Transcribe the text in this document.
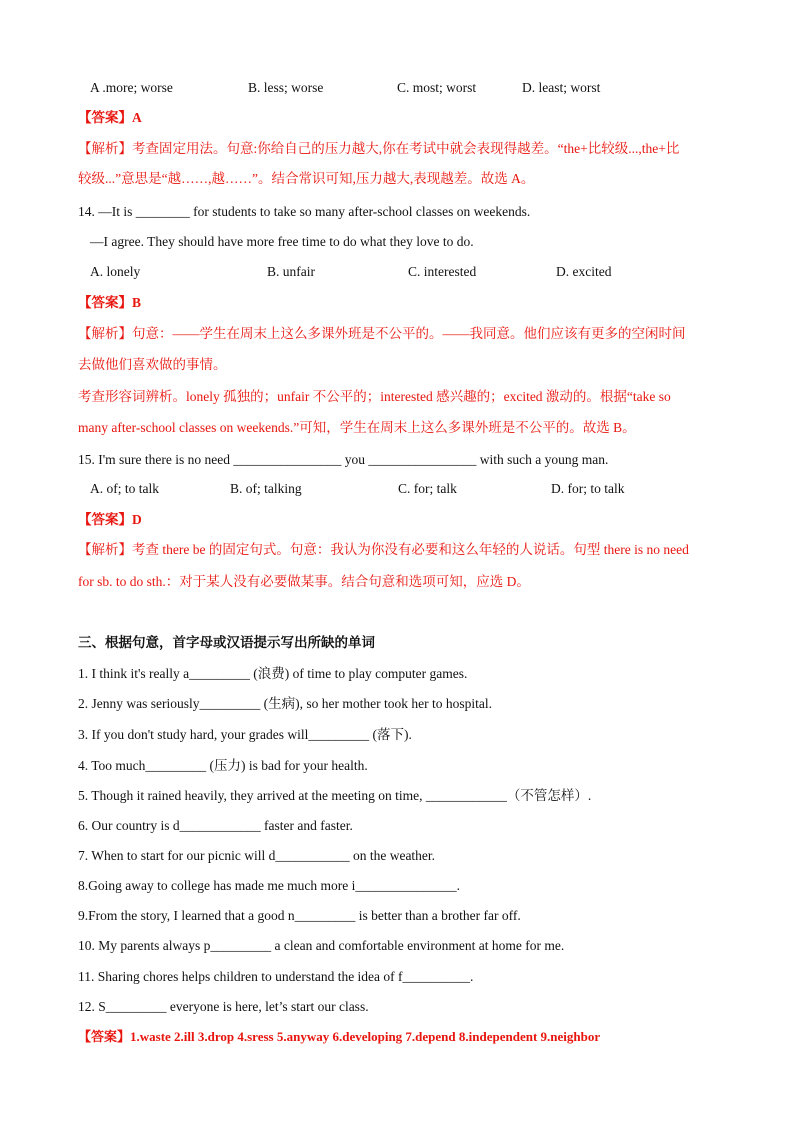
A .more; worse	B. less; worse	C. most; worst	D. least; worst
【答案】A
【解析】考查固定用法。句意:你给自己的压力越大,你在考试中就会表现得越差。“the+比较级...,the+比
较级...”意思是“越……,越……”。结合常识可知,压力越大,表现越差。故选 A。
14. —It is ________ for students to take so many after-school classes on weekends.
—I agree. They should have more free time to do what they love to do.
A. lonely	B. unfair	C. interested	D. excited
【答案】B
【解析】句意：——学生在周末上这么多课外班是不公平的。——我同意。他们应该有更多的空闲时间
去做他们喜欢做的事情。
考查形容词辨析。lonely 孤独的；unfair 不公平的；interested 感兴趣的；excited 激动的。根据“take so
many after-school classes on weekends.”可知，学生在周末上这么多课外班是不公平的。故选 B。
15. I'm sure there is no need ________________ you ________________ with such a young man.
A. of; to talk	B. of; talking	C. for; talk	D. for; to talk
【答案】D
【解析】考查 there be 的固定句式。句意：我认为你没有必要和这么年轻的人说话。句型 there is no need
for sb. to do sth.：对于某人没有必要做某事。结合句意和选项可知，应选 D。
三、根据句意，首字母或汉语提示写出所缺的单词
1. I think it's really a_________ (浪费) of time to play computer games.
2. Jenny was seriously_________ (生病), so her mother took her to hospital.
3. If you don't study hard, your grades will_________ (落下).
4. Too much_________ (压力) is bad for your health.
5. Though it rained heavily, they arrived at the meeting on time, ____________（不管怎样）.
6. Our country is d____________ faster and faster.
7. When to start for our picnic will d___________ on the weather.
8.Going away to college has made me much more i_______________.
9.From the story, I learned that a good n_________ is better than a brother far off.
10. My parents always p_________ a clean and comfortable environment at home for me.
11. Sharing chores helps children to understand the idea of f__________.
12. S_________ everyone is here, let’s start our class.
【答案】1.waste 2.ill 3.drop 4.sress 5.anyway 6.developing 7.depend 8.independent 9.neighbor
